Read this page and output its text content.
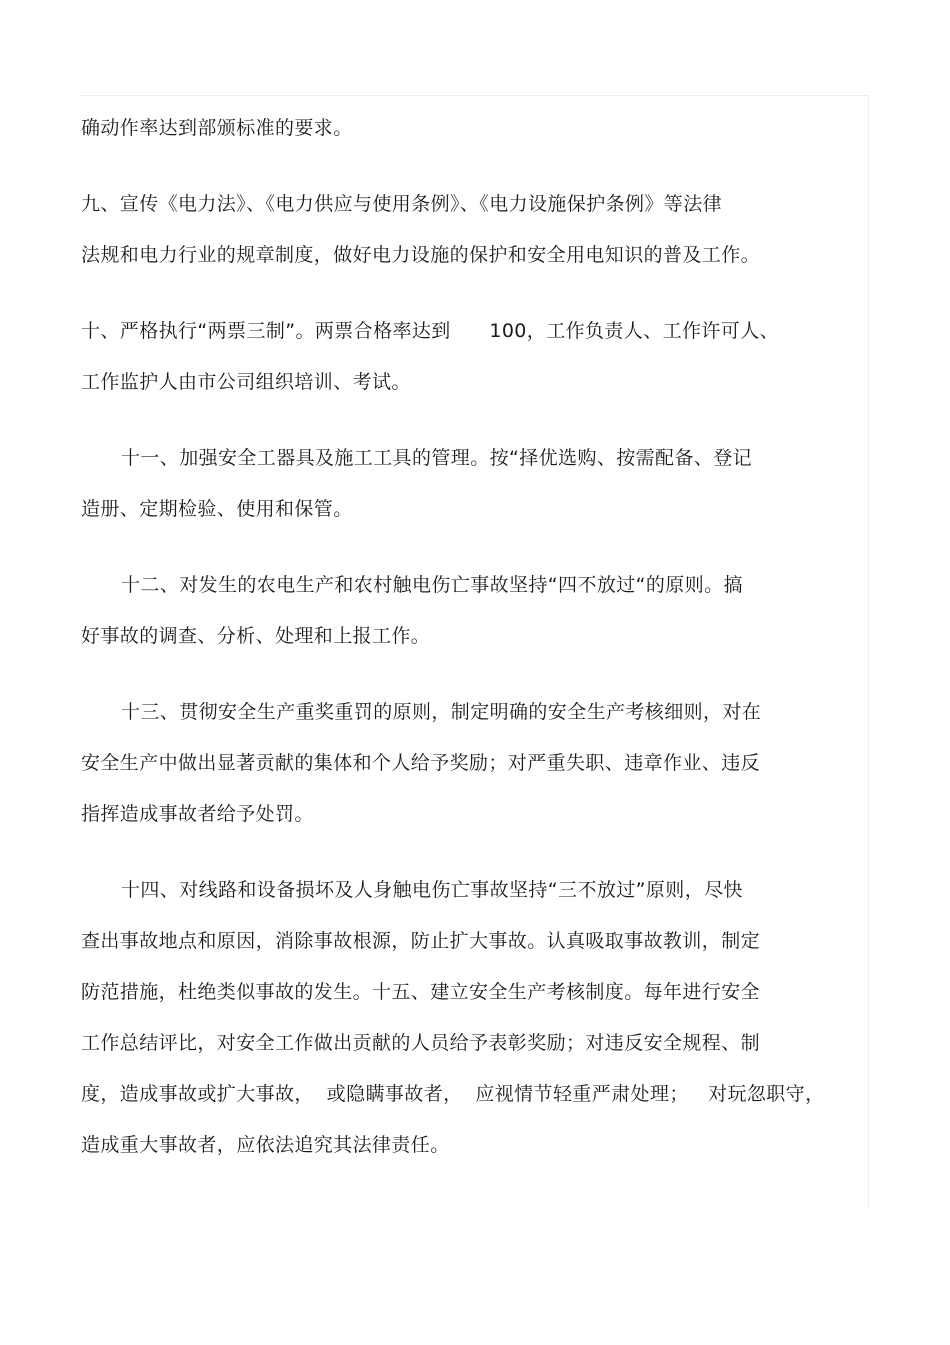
确动作率达到部颁标准的要求。
九、宣传《电力法》、《电力供应与使用条例》、《电力设施保护条例》等法律
法规和电力行业的规章制度，做好电力设施的保护和安全用电知识的普及工作。
十、严格执行“两票三制”。两票合格率达到      100，工作负责人、工作许可人、
工作监护人由市公司组织培训、考试。
十一、加强安全工器具及施工工具的管理。按“择优选购、按需配备、登记
造册、定期检验、使用和保管。
十二、对发生的农电生产和农村触电伤亡事故坚持“四不放过“的原则。搞
好事故的调查、分析、处理和上报工作。
十三、贯彻安全生产重奖重罚的原则，制定明确的安全生产考核细则，对在
安全生产中做出显著贡献的集体和个人给予奖励；对严重失职、违章作业、违反
指挥造成事故者给予处罚。
十四、对线路和设备损坏及人身触电伤亡事故坚持“三不放过”原则，尽快
查出事故地点和原因，消除事故根源，防止扩大事故。认真吸取事故教训，制定
防范措施，杜绝类似事故的发生。十五、建立安全生产考核制度。每年进行安全
工作总结评比，对安全工作做出贡献的人员给予表彰奖励；对违反安全规程、制
度，造成事故或扩大事故，  或隐瞒事故者，  应视情节轻重严肃处理；   对玩忽职守，
造成重大事故者，应依法追究其法律责任。
